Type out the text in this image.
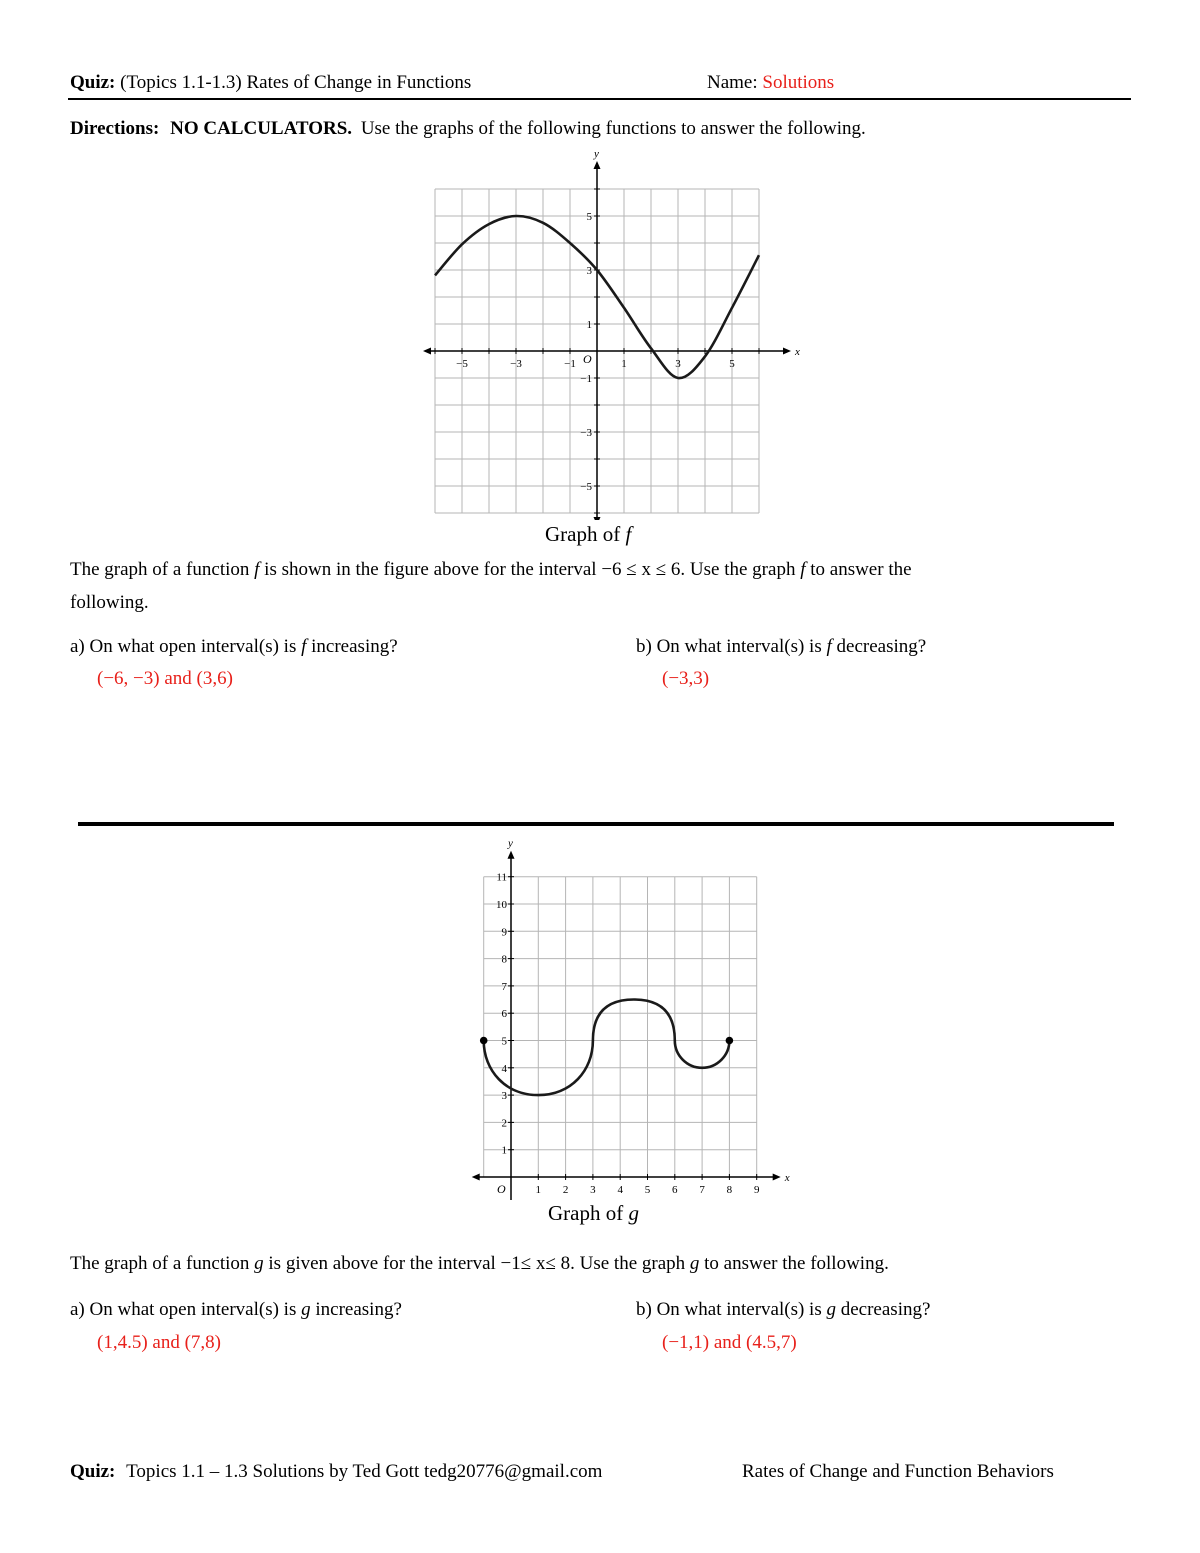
Quiz: (Topics 1.1-1.3) Rates of Change in Functions	Name: Solutions
Directions: NO CALCULATORS. Use the graphs of the following functions to answer the following.
−5	−3	−1	1	3	5
5
3
1
−1
−3
−5
O	x
y
Graph of f
The graph of a function f is shown in the figure above for the interval −6 ≤ x ≤ 6. Use the graph f to answer the
following.
a) On what open interval(s) is f increasing?
(−6, −3) and (3,6)
b) On what interval(s) is f decreasing?
(−3,3)
1 2 3 4 5 6 7 8 9
1
2
3
4
5
6
7
8
9
10
11
O
x
y
Graph of g
The graph of a function g is given above for the interval −1≤ x≤ 8. Use the graph g to answer the following.
a) On what open interval(s) is g increasing?
(1,4.5) and (7,8)
b) On what interval(s) is g decreasing?
(−1,1) and (4.5,7)
Quiz: Topics 1.1 – 1.3 Solutions by Ted Gott tedg20776@gmail.com	Rates of Change and Function Behaviors
